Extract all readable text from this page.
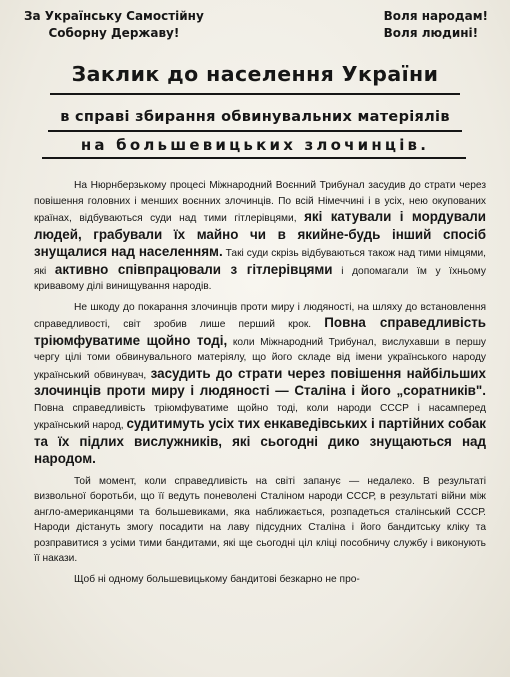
За Українську Самостійну
Соборну Державу!
Воля народам!
Воля людині!
Заклик до населення України
в справі збирання обвинувальних матеріялів
на большевицьких злочинців.

На Нюрнберзькому процесі Міжнародний Воєнний Трибунал засудив до страти через повішення головних і менших воєнних злочинців. По всій Німеччині і в усіх, нею окупованих країнах, відбуваються суди над тими гітлерівцями, які катували і мордували людей, грабували їх майно чи в якийне-будь інший спосіб знущалися над населенням. Такі суди скрізь відбуваються також над тими німцями, які активно співпрацювали з гітлерівцями і допомагали їм у їхньому кривавому ділі винищування народів.

Не шкоду до покарання злочинців проти миру і людяності, на шляху до встановлення справедливості, світ зробив лише перший крок. Повна справедливість тріюмфуватиме щойно тоді, коли Міжнародний Трибунал, вислухавши в першу чергу цілі томи обвинувального матеріялу, що його складе від імени українського народу український обвинувач, засудить до страти через повішення найбільших злочинців проти миру і людяності — Сталіна і його „соратників". Повна справедливість тріюмфуватиме щойно тоді, коли народи СССР і насамперед український народ, судитимуть усіх тих енкаведівських і партійних собак та їх підлих вислужників, які сьогодні дико знущаються над народом.

Той момент, коли справедливість на світі запанує — недалеко. В результаті визвольної боротьби, що її ведуть поневолені Сталіном народи СССР, в результаті війни між англо-американцями та большевиками, яка наближається, розпадеться сталінський СССР. Народи дістануть змогу посадити на лаву підсудних Сталіна і його бандитську кліку та розправитися з усіми тими бандитами, які ще сьогодні ціл кліці пособничу службу і виконують її накази.

Щоб ні одному большевицькому бандитові безкарно не про-
